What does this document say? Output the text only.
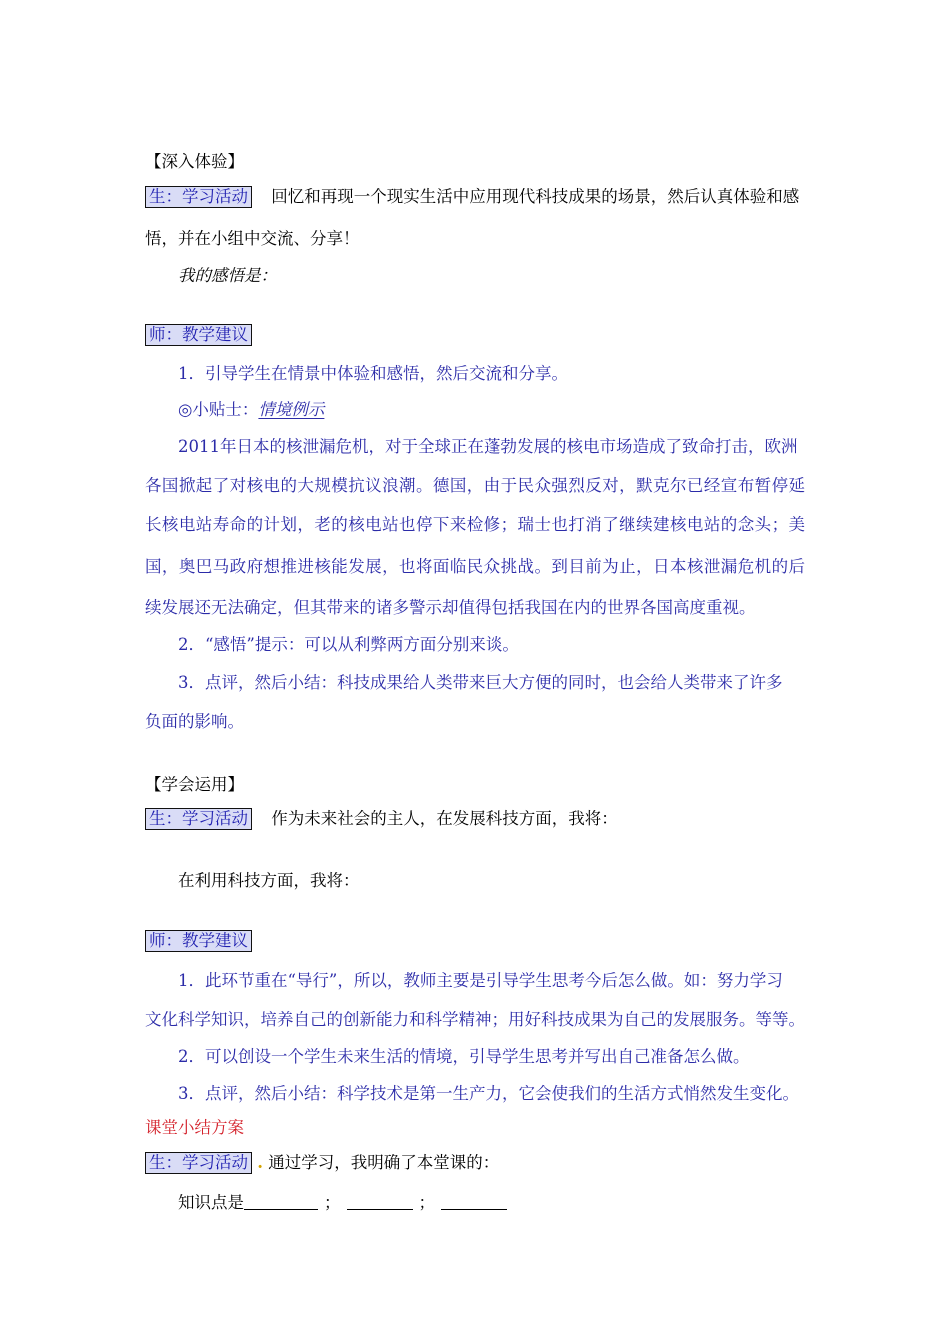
【深入体验】
生：学习活动 回忆和再现一个现实生活中应用现代科技成果的场景，然后认真体验和感
悟，并在小组中交流、分享！
我的感悟是：
师：教学建议
1．引导学生在情景中体验和感悟，然后交流和分享。
◎小贴士：情境例示
2011年日本的核泄漏危机，对于全球正在蓬勃发展的核电市场造成了致命打击，欧洲
各国掀起了对核电的大规模抗议浪潮。德国，由于民众强烈反对，默克尔已经宣布暂停延
长核电站寿命的计划，老的核电站也停下来检修；瑞士也打消了继续建核电站的念头；美
国，奥巴马政府想推进核能发展，也将面临民众挑战。到目前为止，日本核泄漏危机的后
续发展还无法确定，但其带来的诸多警示却值得包括我国在内的世界各国高度重视。
2．“感悟”提示：可以从利弊两方面分别来谈。
3．点评，然后小结：科技成果给人类带来巨大方便的同时，也会给人类带来了许多
负面的影响。
【学会运用】
生：学习活动 作为未来社会的主人，在发展科技方面，我将：
在利用科技方面，我将：
师：教学建议
1．此环节重在“导行”，所以，教师主要是引导学生思考今后怎么做。如：努力学习
文化科学知识，培养自己的创新能力和科学精神；用好科技成果为自己的发展服务。等等。
2．可以创设一个学生未来生活的情境，引导学生思考并写出自己准备怎么做。
3．点评，然后小结：科学技术是第一生产力，它会使我们的生活方式悄然发生变化。
课堂小结方案
生：学习活动 . 通过学习，我明确了本堂课的：
知识点是	；	；
